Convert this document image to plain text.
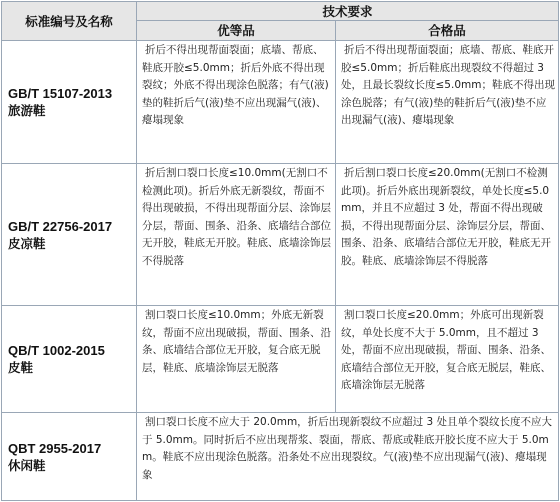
标准编号及名称	技术要求	
	优等品	合格品

GB/T 15107-2013
旅游鞋	折后不得出现帮面裂面；底墙、帮底、鞋底开胶≤5.0mm；折后外底不得出现裂纹；外底不得出现涂色脱落；有气(液)垫的鞋折后气(液)垫不应出现漏气(液)、瘪塌现象	折后不得出现帮面裂面；底墙、帮底、鞋底开胶≤5.0mm；折后鞋底出现裂纹不得超过 3 处，且最长裂纹长度≤5.0mm；鞋底不得出现涂色脱落；有气(液)垫的鞋折后气(液)垫不应出现漏气(液)、瘪塌现象

GB/T 22756-2017
皮凉鞋	折后割口裂口长度≤10.0mm(无割口不检测此项)。折后外底无新裂纹，帮面不得出现破损，不得出现帮面分层、涂饰层分层，帮面、围条、沿条、底墙结合部位无开胶，鞋底无开胶。鞋底、底墙涂饰层不得脱落	折后割口裂口长度≤20.0mm(无割口不检测此项)。折后外底出现新裂纹，单处长度≤5.0mm，并且不应超过 3 处，帮面不得出现破损，不得出现帮面分层、涂饰层分层，帮面、围条、沿条、底墙结合部位无开胶，鞋底无开胶。鞋底、底墙涂饰层不得脱落

QB/T 1002-2015
皮鞋	割口裂口长度≤10.0mm；外底无新裂纹，帮面不应出现破损，帮面、围条、沿条、底墙结合部位无开胶，复合底无脱层，鞋底、底墙涂饰层无脱落	割口裂口长度≤20.0mm；外底可出现新裂纹，单处长度不大于 5.0mm，且不超过 3 处，帮面不应出现破损，帮面、围条、沿条、底墙结合部位无开胶，复合底无脱层，鞋底、底墙涂饰层无脱落

QBT 2955-2017
休闲鞋	割口裂口长度不应大于 20.0mm，折后出现新裂纹不应超过 3 处且单个裂纹长度不应大于 5.0mm。同时折后不应出现帮浆、裂面，帮底、帮底或鞋底开胶长度不应大于 5.0mm。鞋底不应出现涂色脱落。沿条处不应出现裂纹。气(液)垫不应出现漏气(液)、瘪塌现象	
